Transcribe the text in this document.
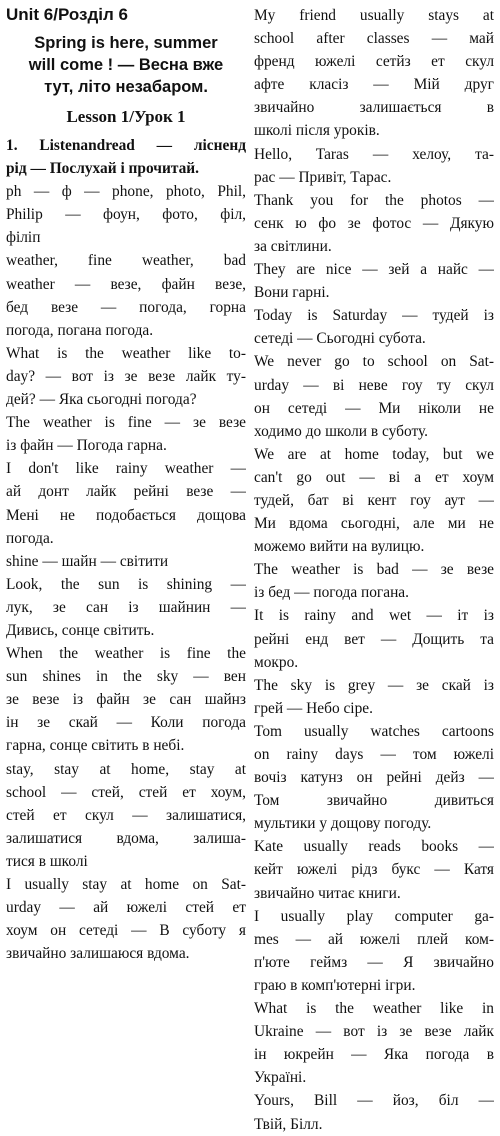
Unit 6/Розділ 6
Spring is here, summer
will come ! — Весна вже
тут, літо незабаром.
Lesson 1/Урок 1
1. Listenandread — лісненд
рід — Послухай і прочитай.
ph — ф — phone, photo, Phil,
Philip — фоун, фото, філ,
філіп
weather, fine weather, bad
weather — везе, файн везе,
бед везе — погода, горна
погода, погана погода.
What is the weather like to-
day? — вот із зе везе лайк ту-
дей? — Яка сьогодні погода?
The weather is fine — зе везе
із файн — Погода гарна.
I don't like rainy weather —
ай донт лайк рейні везе —
Мені не подобається дощова
погода.
shine — шайн — світити
Look, the sun is shining —
лук, зе сан із шайнин —
Дивись, сонце світить.
When the weather is fine the
sun shines in the sky — вен
зе везе із файн зе сан шайнз
ін зе скай — Коли погода
гарна, сонце світить в небі.
stay, stay at home, stay at
school — стей, стей ет хоум,
стей ет скул — залишатися,
залишатися вдома, залиша-
тися в школі
I usually stay at home on Sat-
urday — ай южелі стей ет
хоум он сетедi — В суботу я
звичайно залишаюся вдома.
My friend usually stays at
school after classes — май
френд южелі сетйз ет скул
афте класіз — Мій друг
звичайно залишається в
школі після уроків.
Hello, Taras — хелоу, та-
рас — Привіт, Тарас.
Thank you for the photos —
сенк ю фо зе фотос — Дякую
за світлини.
They are nice — зей а найс —
Вони гарні.
Today is Saturday — тудей із
сетеді — Сьогодні субота.
We never go to school on Sat-
urday — ві неве гоу ту скул
он сетеді — Ми ніколи не
ходимо до школи в суботу.
We are at home today, but we
can't go out — ві а ет хоум
тудей, бат ві кент гоу аут —
Ми вдома сьогодні, але ми не
можемо вийти на вулицю.
The weather is bad — зе везе
із бед — погода погана.
It is rainy and wet — іт із
рейні енд вет — Дощить та
мокро.
The sky is grey — зе скай із
грей — Небо сіре.
Tom usually watches cartoons
on rainy days — том южелі
вочіз катунз он рейні дейз —
Том звичайно дивиться
мультики у дощову погоду.
Kate usually reads books —
кейт южелі рідз букс — Катя
звичайно читає книги.
I usually play computer ga-
mes — ай южелі плей ком-
п'юте геймз — Я звичайно
граю в комп'ютерні ігри.
What is the weather like in
Ukraine — вот із зе везе лайк
ін юкрейн — Яка погода в
Україні.
Yours, Bill — йоз, біл —
Твій, Білл.
